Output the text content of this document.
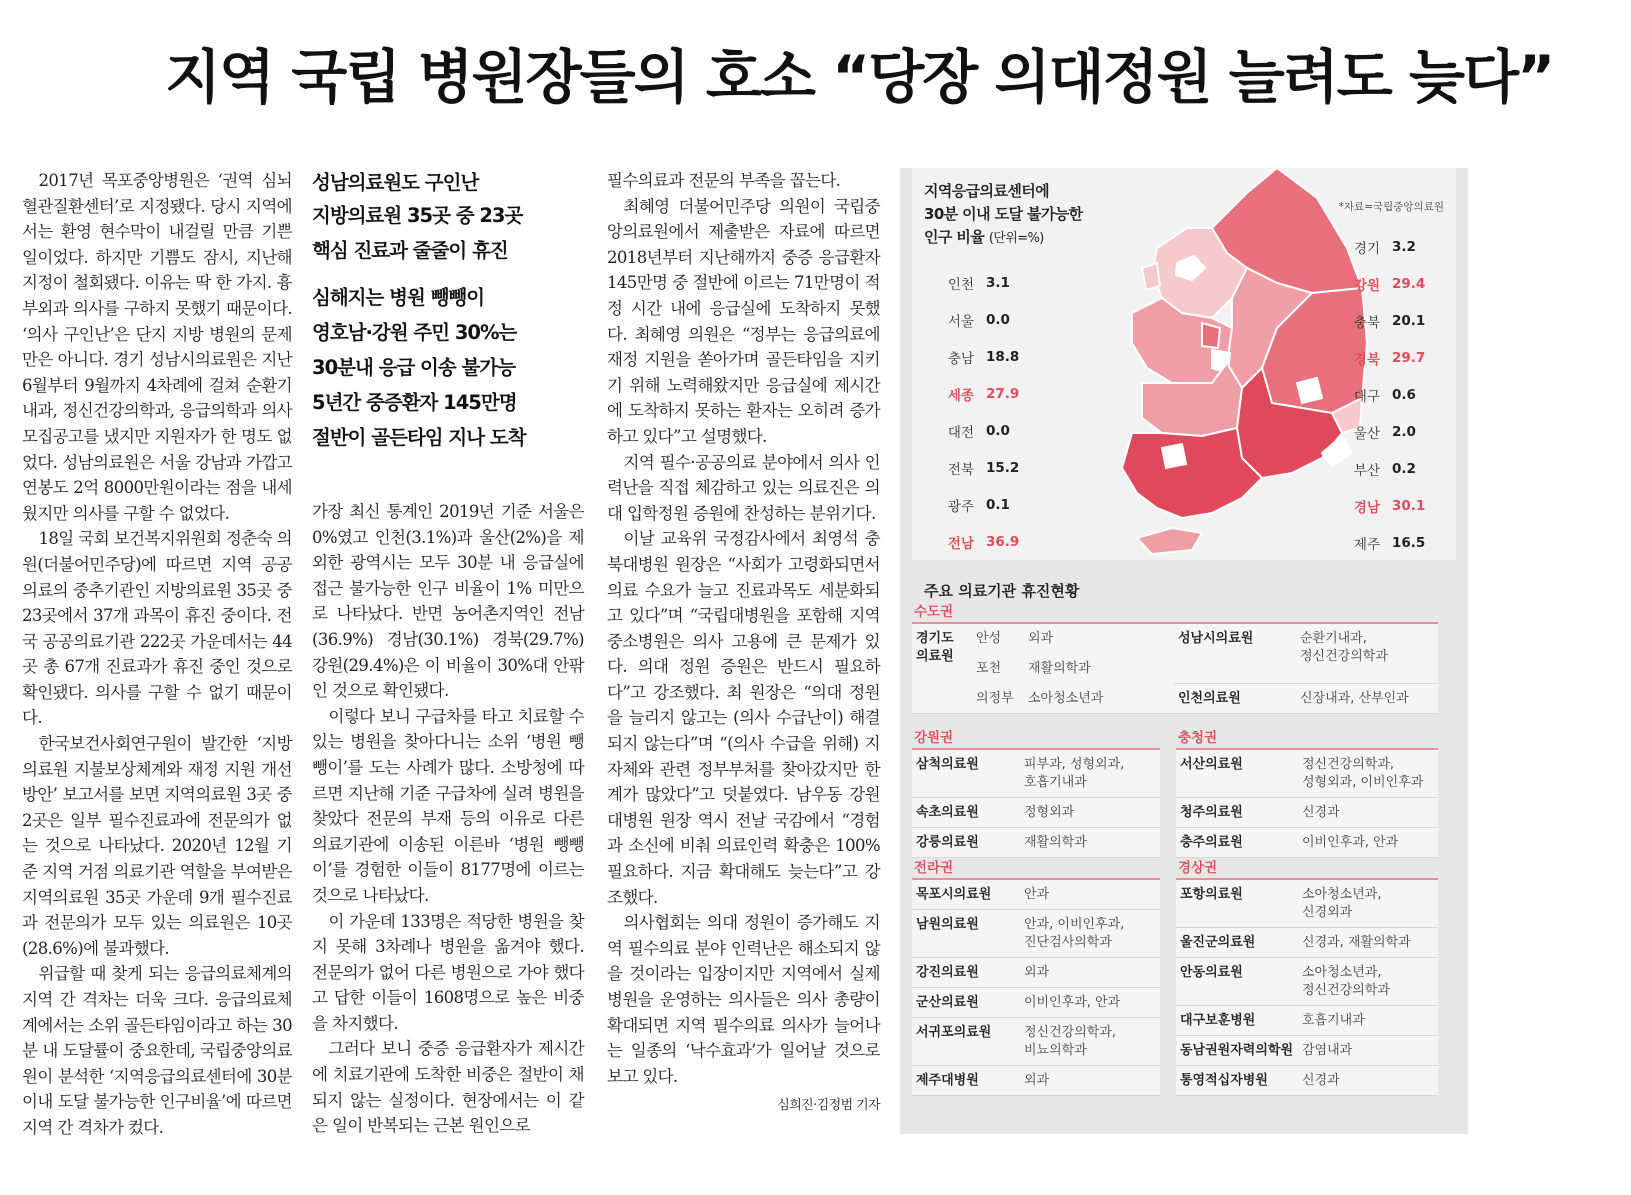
지역 국립 병원장들의 호소 “당장 의대정원 늘려도 늦다”

2017년 목포중앙병원은 ‘권역 심뇌혈관질환센터’로 지정됐다. 당시 지역에서는 환영 현수막이 내걸릴 만큼 기쁜 일이었다. 하지만 기쁨도 잠시, 지난해 지정이 철회됐다. 이유는 딱 한 가지. 흉부외과 의사를 구하지 못했기 때문이다. ‘의사 구인난’은 단지 지방 병원의 문제만은 아니다. 경기 성남시의료원은 지난 6월부터 9월까지 4차례에 걸쳐 순환기내과, 정신건강의학과, 응급의학과 의사 모집공고를 냈지만 지원자가 한 명도 없었다. 성남의료원은 서울 강남과 가깝고 연봉도 2억 8000만원이라는 점을 내세웠지만 의사를 구할 수 없었다.

18일 국회 보건복지위원회 정춘숙 의원(더불어민주당)에 따르면 지역 공공의료의 중추기관인 지방의료원 35곳 중 23곳에서 37개 과목이 휴진 중이다. 전국 공공의료기관 222곳 가운데서는 44곳 총 67개 진료과가 휴진 중인 것으로 확인됐다. 의사를 구할 수 없기 때문이다.

한국보건사회연구원이 발간한 ‘지방의료원 지불보상체계와 재정 지원 개선 방안’ 보고서를 보면 지역의료원 3곳 중 2곳은 일부 필수진료과에 전문의가 없는 것으로 나타났다. 2020년 12월 기준 지역 거점 의료기관 역할을 부여받은 지역의료원 35곳 가운데 9개 필수진료과 전문의가 모두 있는 의료원은 10곳(28.6%)에 불과했다.

위급할 때 찾게 되는 응급의료체계의 지역 간 격차는 더욱 크다. 응급의료체계에서는 소위 골든타임이라고 하는 30분 내 도달률이 중요한데, 국립중앙의료원이 분석한 ‘지역응급의료센터에 30분 이내 도달 불가능한 인구비율’에 따르면 지역 간 격차가 컸다.

성남의료원도 구인난
지방의료원 35곳 중 23곳
핵심 진료과 줄줄이 휴진
심해지는 병원 뺑뺑이
영호남·강원 주민 30%는
30분내 응급 이송 불가능
5년간 중증환자 145만명
절반이 골든타임 지나 도착

가장 최신 통계인 2019년 기준 서울은 0%였고 인천(3.1%)과 울산(2%)을 제외한 광역시는 모두 30분 내 응급실에 접근 불가능한 인구 비율이 1% 미만으로 나타났다. 반면 농어촌지역인 전남(36.9%) 경남(30.1%) 경북(29.7%) 강원(29.4%)은 이 비율이 30%대 안팎인 것으로 확인됐다.

이렇다 보니 구급차를 타고 치료할 수 있는 병원을 찾아다니는 소위 ‘병원 뺑뺑이’를 도는 사례가 많다. 소방청에 따르면 지난해 기준 구급차에 실려 병원을 찾았다 전문의 부재 등의 이유로 다른 의료기관에 이송된 이른바 ‘병원 뺑뺑이’를 경험한 이들이 8177명에 이르는 것으로 나타났다.

이 가운데 133명은 적당한 병원을 찾지 못해 3차례나 병원을 옮겨야 했다. 전문의가 없어 다른 병원으로 가야 했다고 답한 이들이 1608명으로 높은 비중을 차지했다.

그러다 보니 중증 응급환자가 제시간에 치료기관에 도착한 비중은 절반이 채 되지 않는 실정이다. 현장에서는 이 같은 일이 반복되는 근본 원인으로

필수의료과 전문의 부족을 꼽는다.

최혜영 더불어민주당 의원이 국립중앙의료원에서 제출받은 자료에 따르면 2018년부터 지난해까지 중증 응급환자 145만명 중 절반에 이르는 71만명이 적정 시간 내에 응급실에 도착하지 못했다. 최혜영 의원은 “정부는 응급의료에 재정 지원을 쏟아가며 골든타임을 지키기 위해 노력해왔지만 응급실에 제시간에 도착하지 못하는 환자는 오히려 증가하고 있다”고 설명했다.

지역 필수·공공의료 분야에서 의사 인력난을 직접 체감하고 있는 의료진은 의대 입학정원 증원에 찬성하는 분위기다.

이날 교육위 국정감사에서 최영석 충북대병원 원장은 “사회가 고령화되면서 의료 수요가 늘고 진료과목도 세분화되고 있다”며 “국립대병원을 포함해 지역 중소병원은 의사 고용에 큰 문제가 있다. 의대 정원 증원은 반드시 필요하다”고 강조했다. 최 원장은 “의대 정원을 늘리지 않고는 (의사 수급난이) 해결되지 않는다”며 “(의사 수급을 위해) 지자체와 관련 정부부처를 찾아갔지만 한계가 많았다”고 덧붙였다. 남우동 강원대병원 원장 역시 전날 국감에서 “경험과 소신에 비춰 의료인력 확충은 100% 필요하다. 지금 확대해도 늦는다”고 강조했다.

의사협회는 의대 정원이 증가해도 지역 필수의료 분야 인력난은 해소되지 않을 것이라는 입장이지만 지역에서 실제 병원을 운영하는 의사들은 의사 총량이 확대되면 지역 필수의료 의사가 늘어나는 일종의 ‘낙수효과’가 일어날 것으로 보고 있다.

심희진·김정범 기자
지역응급의료센터에
30분 이내 도달 불가능한
인구 비율 (단위=%)
*자료=국립중앙의료원
인천 3.1
서울 0.0
충남 18.8
세종 27.9
대전 0.0
전북 15.2
광주 0.1
전남 36.9
경기 3.2
강원 29.4
충북 20.1
경북 29.7
대구 0.6
울산 2.0
부산 0.2
경남 30.1
제주 16.5
주요 의료기관 휴진현황
수도권
경기도
의료원
안성	외과
포천	재활의학과
의정부	소아청소년과
성남시의료원	순환기내과,
정신건강의학과
인천의료원	신장내과, 산부인과
강원권
삼척의료원	피부과, 성형외과,
호흡기내과
속초의료원	정형외과
강릉의료원	재활의학과
충청권
서산의료원	정신건강의학과,
성형외과, 이비인후과
청주의료원	신경과
충주의료원	이비인후과, 안과
전라권
목포시의료원	안과
남원의료원	안과, 이비인후과,
진단검사의학과
강진의료원	외과
군산의료원	이비인후과, 안과
서귀포의료원	정신건강의학과,
비뇨의학과
제주대병원	외과
경상권
포항의료원	소아청소년과,
신경외과
울진군의료원	신경과, 재활의학과
안동의료원	소아청소년과,
정신건강의학과
대구보훈병원	호흡기내과
동남권원자력의학원 감염내과
통영적십자병원	신경과
